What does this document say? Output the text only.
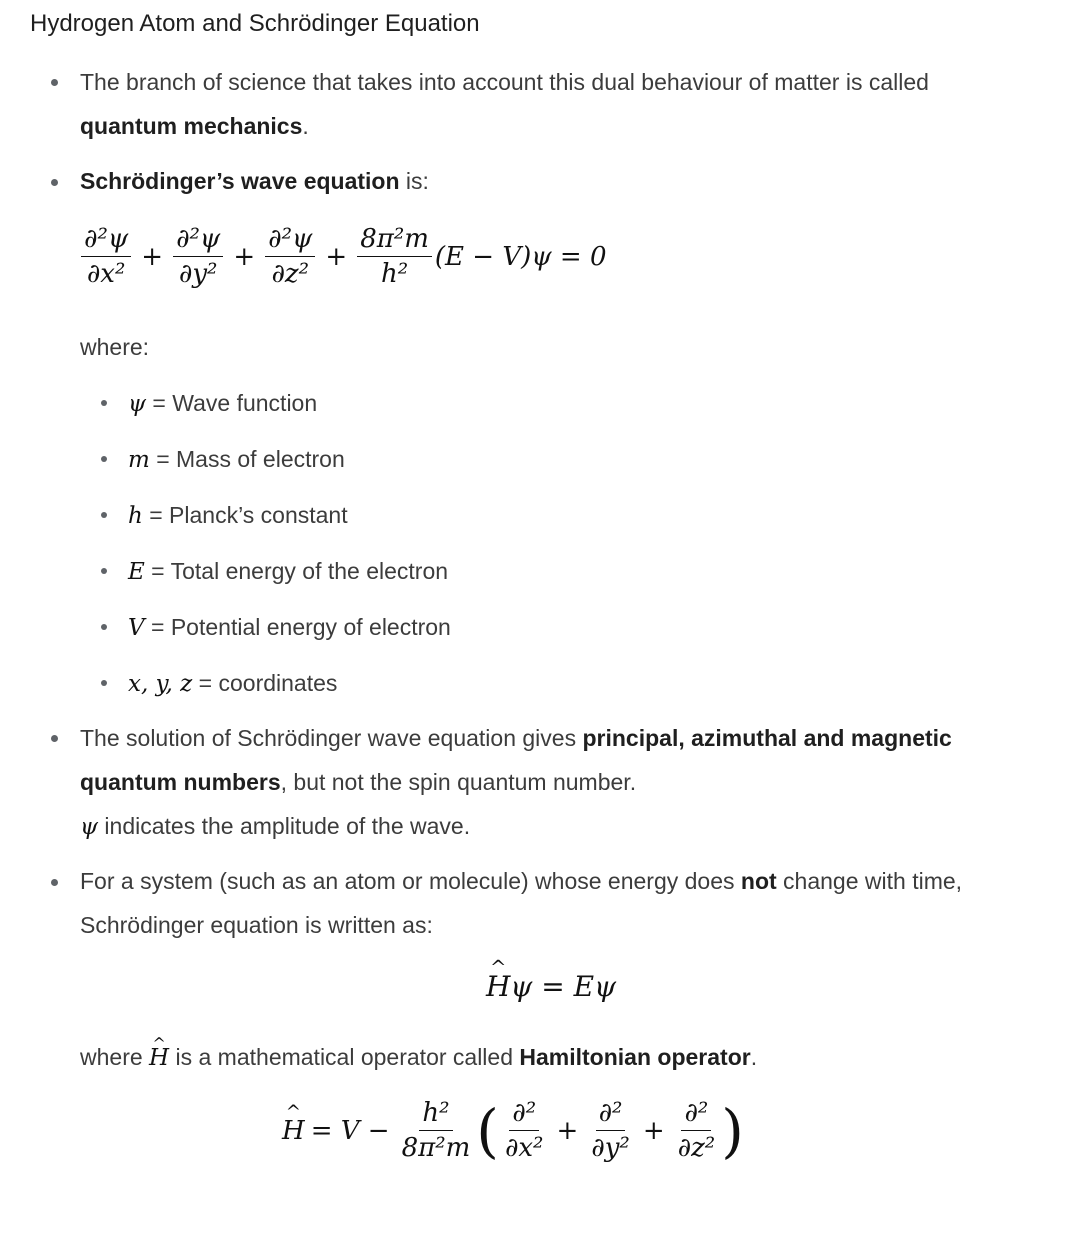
Hydrogen Atom and Schrödinger Equation
The branch of science that takes into account this dual behaviour of matter is called
quantum mechanics.
Schrödinger’s wave equation is:
$\frac{\text{∂²ψ}}{\text{∂x²}} + \frac{\text{∂²ψ}}{\text{∂y²}} + \frac{\text{∂²ψ}}{\text{∂z²}} + \frac{\text{8π²m}}{\text{h²}} (E - V)\psi = 0$
where:
ψ = Wave function
m = Mass of electron
h = Planck’s constant
E = Total energy of the electron
V = Potential energy of electron
x, y, z = coordinates
The solution of Schrödinger wave equation gives principal, azimuthal and magnetic
quantum numbers, but not the spin quantum number.
ψ indicates the amplitude of the wave.
For a system (such as an atom or molecule) whose energy does not change with time,
Schrödinger equation is written as:
^ Hψ = Eψ
where ^ H is a mathematical operator called Hamiltonian operator.
^ $H = V - \frac{\text{h²}}{\text{8π²m}}$ ( $\frac{\text{∂²}}{\text{∂x²}} + \frac{\text{∂²}}{\text{∂y²}} + \frac{\text{∂²}}{\text{∂z²}}$ )
